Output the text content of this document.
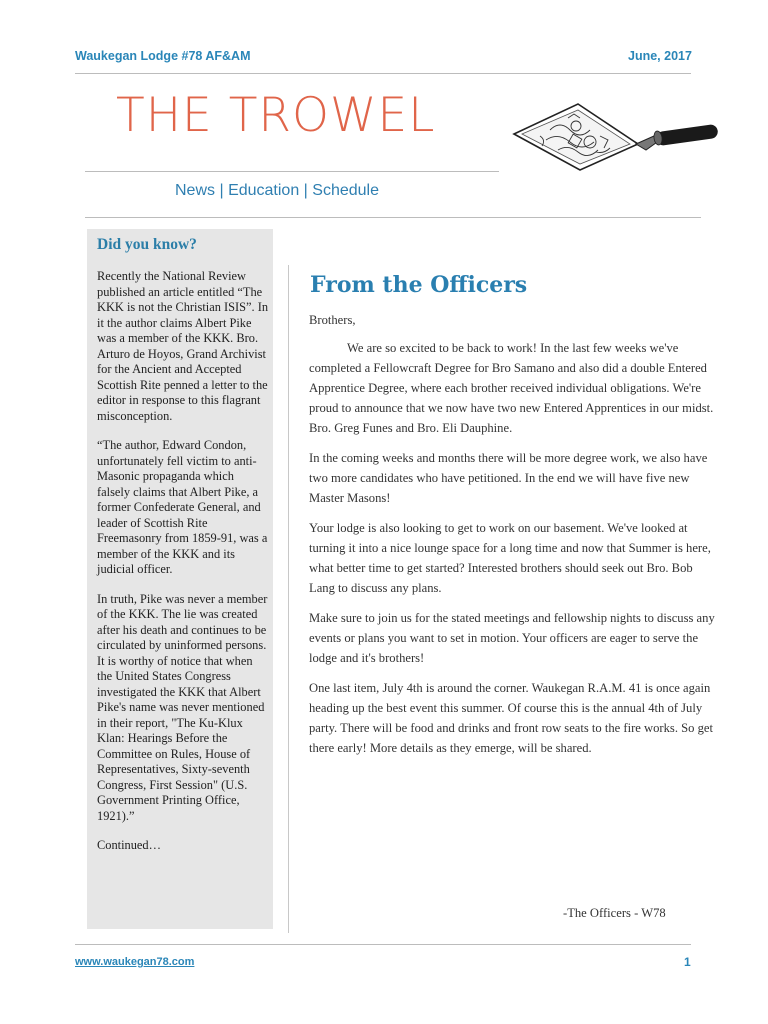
Waukegan Lodge #78 AF&AM	June, 2017
THE TROWEL
News | Education | Schedule
Did you know?

Recently the National Review published an article entitled “The KKK is not the Christian ISIS”. In it the author claims Albert Pike was a member of the KKK. Bro. Arturo de Hoyos, Grand Archivist for the Ancient and Accepted Scottish Rite penned a letter to the editor in response to this flagrant misconception.

“The author, Edward Condon, unfortunately fell victim to anti-Masonic propaganda which falsely claims that Albert Pike, a former Confederate General, and leader of Scottish Rite Freemasonry from 1859-91, was a member of the KKK and its judicial officer.

In truth, Pike was never a member of the KKK. The lie was created after his death and continues to be circulated by uninformed persons. It is worthy of notice that when the United States Congress investigated the KKK that Albert Pike's name was never mentioned in their report, "The Ku-Klux Klan: Hearings Before the Committee on Rules, House of Representatives, Sixty-seventh Congress, First Session" (U.S. Government Printing Office, 1921).”

Continued…

From the Officers

Brothers,

We are so excited to be back to work! In the last few weeks we've completed a Fellowcraft Degree for Bro Samano and also did a double Entered Apprentice Degree, where each brother received individual obligations. We're proud to announce that we now have two new Entered Apprentices in our midst. Bro. Greg Funes and Bro. Eli Dauphine.

In the coming weeks and months there will be more degree work, we also have two more candidates who have petitioned. In the end we will have five new Master Masons!

Your lodge is also looking to get to work on our basement. We've looked at turning it into a nice lounge space for a long time and now that Summer is here, what better time to get started? Interested brothers should seek out Bro. Bob Lang to discuss any plans.

Make sure to join us for the stated meetings and fellowship nights to discuss any events or plans you want to set in motion. Your officers are eager to serve the lodge and it's brothers!

One last item, July 4th is around the corner. Waukegan R.A.M. 41 is once again heading up the best event this summer. Of course this is the annual 4th of July party. There will be food and drinks and front row seats to the fire works. So get there early! More details as they emerge, will be shared.

-The Officers - W78
www.waukegan78.com	1
